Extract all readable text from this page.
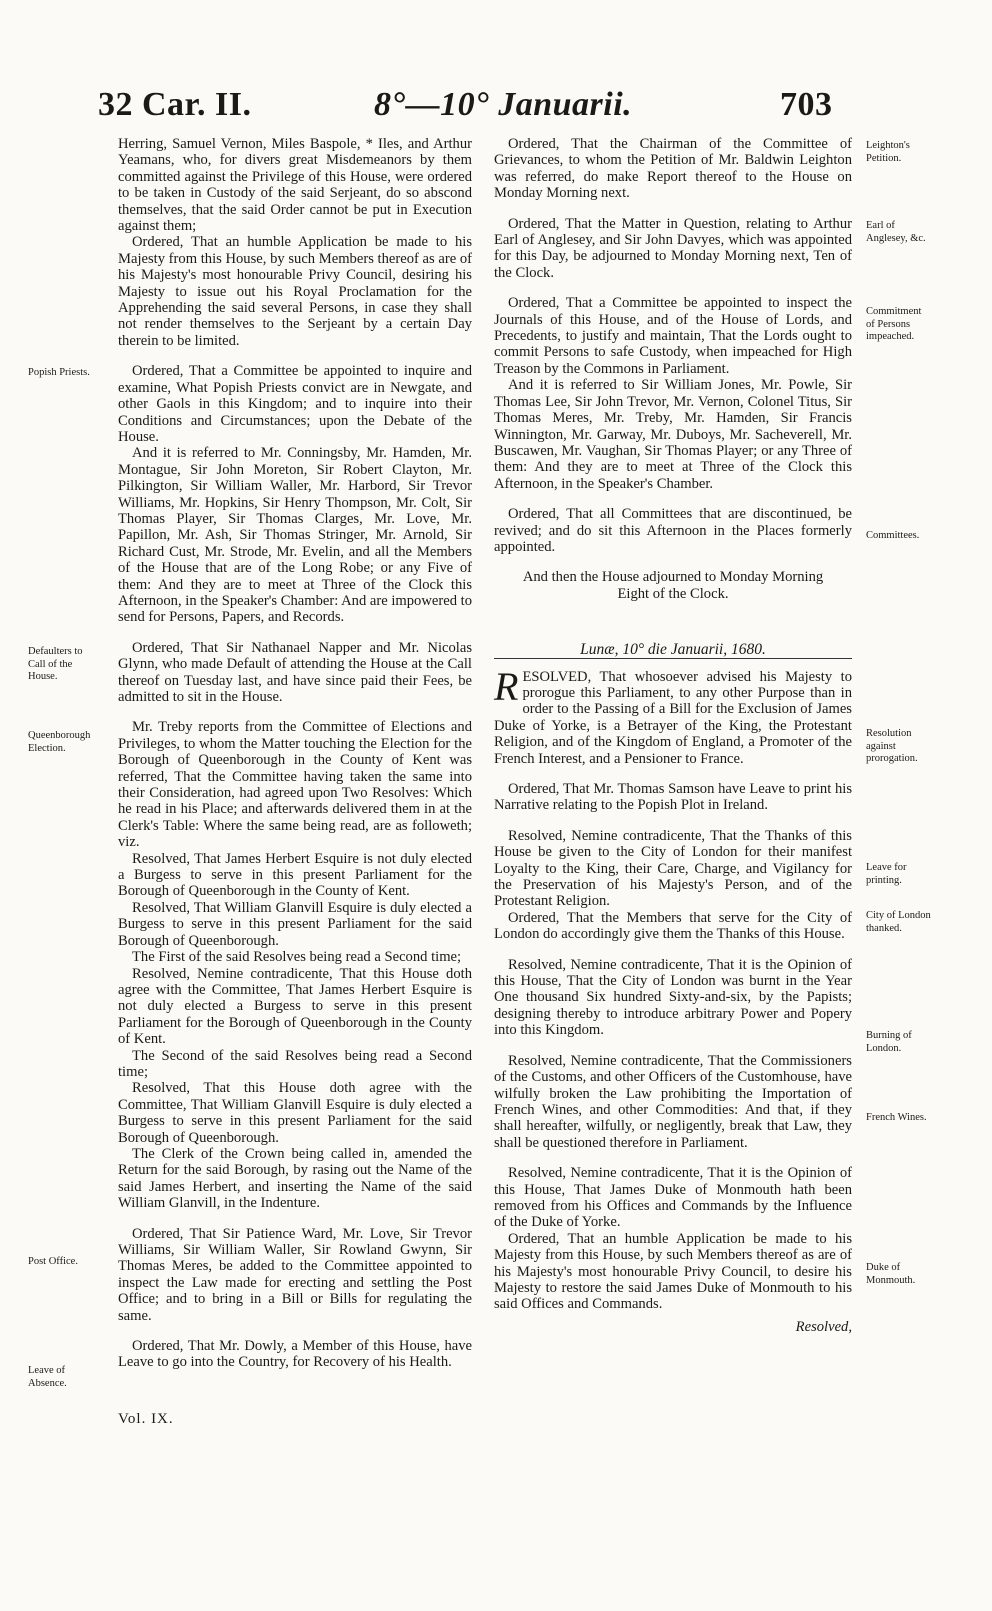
32 Car. II.	8°—10° Januarii.	703
Popish Priests.
Defaulters to Call of the House.
Queenborough Election.
Post Office.
Leave of Absence.
Leighton's Petition.
Earl of Anglesey, &c.
Commitment of Persons impeached.
Committees.
Resolution against prorogation.
Leave for printing.
City of London thanked.
Burning of London.
French Wines.
Duke of Monmouth.

Herring, Samuel Vernon, Miles Baspole, * Iles, and Arthur Yeamans, who, for divers great Misdemeanors by them committed against the Privilege of this House, were ordered to be taken in Custody of the said Serjeant, do so abscond themselves, that the said Order cannot be put in Execution against them;

Ordered, That an humble Application be made to his Majesty from this House, by such Members thereof as are of his Majesty's most honourable Privy Council, desiring his Majesty to issue out his Royal Proclamation for the Apprehending the said several Persons, in case they shall not render themselves to the Serjeant by a certain Day therein to be limited.

Ordered, That a Committee be appointed to inquire and examine, What Popish Priests convict are in Newgate, and other Gaols in this Kingdom; and to inquire into their Conditions and Circumstances; upon the Debate of the House.

And it is referred to Mr. Conningsby, Mr. Hamden, Mr. Montague, Sir John Moreton, Sir Robert Clayton, Mr. Pilkington, Sir William Waller, Mr. Harbord, Sir Trevor Williams, Mr. Hopkins, Sir Henry Thompson, Mr. Colt, Sir Thomas Player, Sir Thomas Clarges, Mr. Love, Mr. Papillon, Mr. Ash, Sir Thomas Stringer, Mr. Arnold, Sir Richard Cust, Mr. Strode, Mr. Evelin, and all the Members of the House that are of the Long Robe; or any Five of them: And they are to meet at Three of the Clock this Afternoon, in the Speaker's Chamber: And are impowered to send for Persons, Papers, and Records.

Ordered, That Sir Nathanael Napper and Mr. Nicolas Glynn, who made Default of attending the House at the Call thereof on Tuesday last, and have since paid their Fees, be admitted to sit in the House.

Mr. Treby reports from the Committee of Elections and Privileges, to whom the Matter touching the Election for the Borough of Queenborough in the County of Kent was referred, That the Committee having taken the same into their Consideration, had agreed upon Two Resolves: Which he read in his Place; and afterwards delivered them in at the Clerk's Table: Where the same being read, are as followeth; viz.

Resolved, That James Herbert Esquire is not duly elected a Burgess to serve in this present Parliament for the Borough of Queenborough in the County of Kent.

Resolved, That William Glanvill Esquire is duly elected a Burgess to serve in this present Parliament for the said Borough of Queenborough.

The First of the said Resolves being read a Second time;

Resolved, Nemine contradicente, That this House doth agree with the Committee, That James Herbert Esquire is not duly elected a Burgess to serve in this present Parliament for the Borough of Queenborough in the County of Kent.

The Second of the said Resolves being read a Second time;

Resolved, That this House doth agree with the Committee, That William Glanvill Esquire is duly elected a Burgess to serve in this present Parliament for the said Borough of Queenborough.

The Clerk of the Crown being called in, amended the Return for the said Borough, by rasing out the Name of the said James Herbert, and inserting the Name of the said William Glanvill, in the Indenture.

Ordered, That Sir Patience Ward, Mr. Love, Sir Trevor Williams, Sir William Waller, Sir Rowland Gwynn, Sir Thomas Meres, be added to the Committee appointed to inspect the Law made for erecting and settling the Post Office; and to bring in a Bill or Bills for regulating the same.

Ordered, That Mr. Dowly, a Member of this House, have Leave to go into the Country, for Recovery of his Health.

Ordered, That the Chairman of the Committee of Grievances, to whom the Petition of Mr. Baldwin Leighton was referred, do make Report thereof to the House on Monday Morning next.

Ordered, That the Matter in Question, relating to Arthur Earl of Anglesey, and Sir John Davyes, which was appointed for this Day, be adjourned to Monday Morning next, Ten of the Clock.

Ordered, That a Committee be appointed to inspect the Journals of this House, and of the House of Lords, and Precedents, to justify and maintain, That the Lords ought to commit Persons to safe Custody, when impeached for High Treason by the Commons in Parliament.

And it is referred to Sir William Jones, Mr. Powle, Sir Thomas Lee, Sir John Trevor, Mr. Vernon, Colonel Titus, Sir Thomas Meres, Mr. Treby, Mr. Hamden, Sir Francis Winnington, Mr. Garway, Mr. Duboys, Mr. Sacheverell, Mr. Buscawen, Mr. Vaughan, Sir Thomas Player; or any Three of them: And they are to meet at Three of the Clock this Afternoon, in the Speaker's Chamber.

Ordered, That all Committees that are discontinued, be revived; and do sit this Afternoon in the Places formerly appointed.

And then the House adjourned to Monday Morning Eight of the Clock.

Lunæ, 10° die Januarii, 1680.

RESOLVED, That whosoever advised his Majesty to prorogue this Parliament, to any other Purpose than in order to the Passing of a Bill for the Exclusion of James Duke of Yorke, is a Betrayer of the King, the Protestant Religion, and of the Kingdom of England, a Promoter of the French Interest, and a Pensioner to France.

Ordered, That Mr. Thomas Samson have Leave to print his Narrative relating to the Popish Plot in Ireland.

Resolved, Nemine contradicente, That the Thanks of this House be given to the City of London for their manifest Loyalty to the King, their Care, Charge, and Vigilancy for the Preservation of his Majesty's Person, and of the Protestant Religion.

Ordered, That the Members that serve for the City of London do accordingly give them the Thanks of this House.

Resolved, Nemine contradicente, That it is the Opinion of this House, That the City of London was burnt in the Year One thousand Six hundred Sixty-and-six, by the Papists; designing thereby to introduce arbitrary Power and Popery into this Kingdom.

Resolved, Nemine contradicente, That the Commissioners of the Customs, and other Officers of the Customhouse, have wilfully broken the Law prohibiting the Importation of French Wines, and other Commodities: And that, if they shall hereafter, wilfully, or negligently, break that Law, they shall be questioned therefore in Parliament.

Resolved, Nemine contradicente, That it is the Opinion of this House, That James Duke of Monmouth hath been removed from his Offices and Commands by the Influence of the Duke of Yorke.

Ordered, That an humble Application be made to his Majesty from this House, by such Members thereof as are of his Majesty's most honourable Privy Council, to desire his Majesty to restore the said James Duke of Monmouth to his said Offices and Commands.

Resolved,

Vol. IX.
